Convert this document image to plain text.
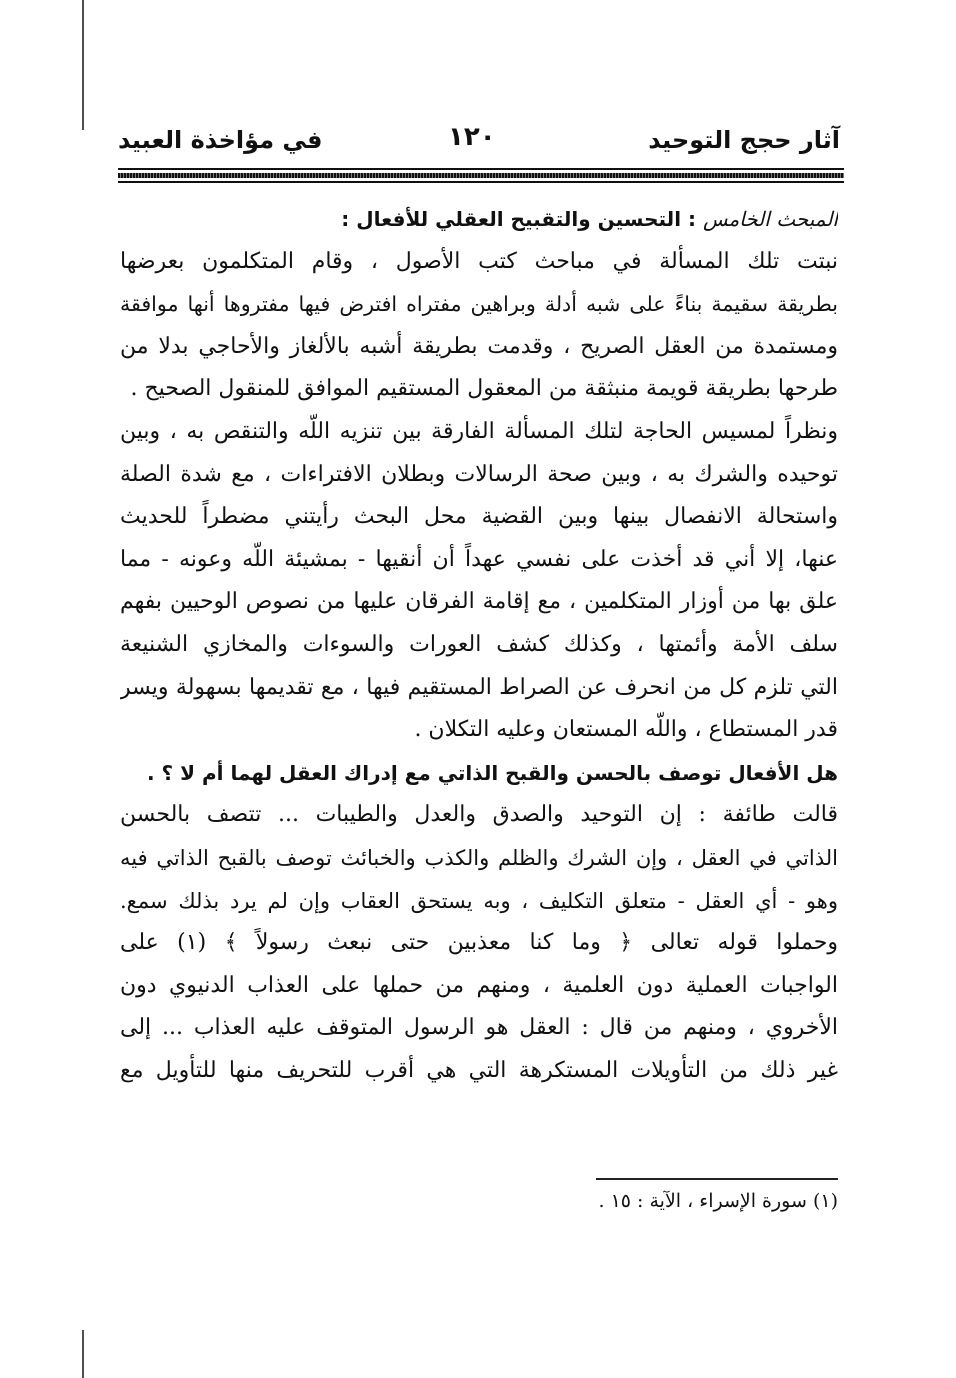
آثار حجج التوحيد
١٢٠
في مؤاخذة العبيد
المبحث الخامس : التحسين والتقبيح العقلي للأفعال :
نبتت تلك المسألة في مباحث كتب الأصول ، وقام المتكلمون بعرضها
بطريقة سقيمة بناءً على شبه أدلة وبراهين مفتراه افترض فيها مفتروها أنها موافقة
ومستمدة من العقل الصريح ، وقدمت بطريقة أشبه بالألغاز والأحاجي بدلا من
طرحها بطريقة قويمة منبثقة من المعقول المستقيم الموافق للمنقول الصحيح .
ونظراً لمسيس الحاجة لتلك المسألة الفارقة بين تنزيه اللّه والتنقص به ، وبين
توحيده والشرك به ، وبين صحة الرسالات وبطلان الافتراءات ، مع شدة الصلة
واستحالة الانفصال بينها وبين القضية محل البحث رأيتني مضطراً للحديث
عنها، إلا أني قد أخذت على نفسي عهداً أن أنقيها - بمشيئة اللّه وعونه - مما
علق بها من أوزار المتكلمين ، مع إقامة الفرقان عليها من نصوص الوحيين بفهم
سلف الأمة وأئمتها ، وكذلك كشف العورات والسوءات والمخازي الشنيعة
التي تلزم كل من انحرف عن الصراط المستقيم فيها ، مع تقديمها بسهولة ويسر
قدر المستطاع ، واللّه المستعان وعليه التكلان .
هل الأفعال توصف بالحسن والقبح الذاتي مع إدراك العقل لهما أم لا ؟ .
قالت طائفة : إن التوحيد والصدق والعدل والطيبات ... تتصف بالحسن
الذاتي في العقل ، وإن الشرك والظلم والكذب والخبائث توصف بالقبح الذاتي فيه
وهو - أي العقل - متعلق التكليف ، وبه يستحق العقاب وإن لم يرد بذلك سمع.
وحملوا قوله تعالى ﴿ وما كنا معذبين حتى نبعث رسولاً ﴾ (١) على
الواجبات العملية دون العلمية ، ومنهم من حملها على العذاب الدنيوي دون
الأخروي ، ومنهم من قال : العقل هو الرسول المتوقف عليه العذاب ... إلى
غير ذلك من التأويلات المستكرهة التي هي أقرب للتحريف منها للتأويل مع
(١) سورة الإسراء ، الآية : ١٥ .
